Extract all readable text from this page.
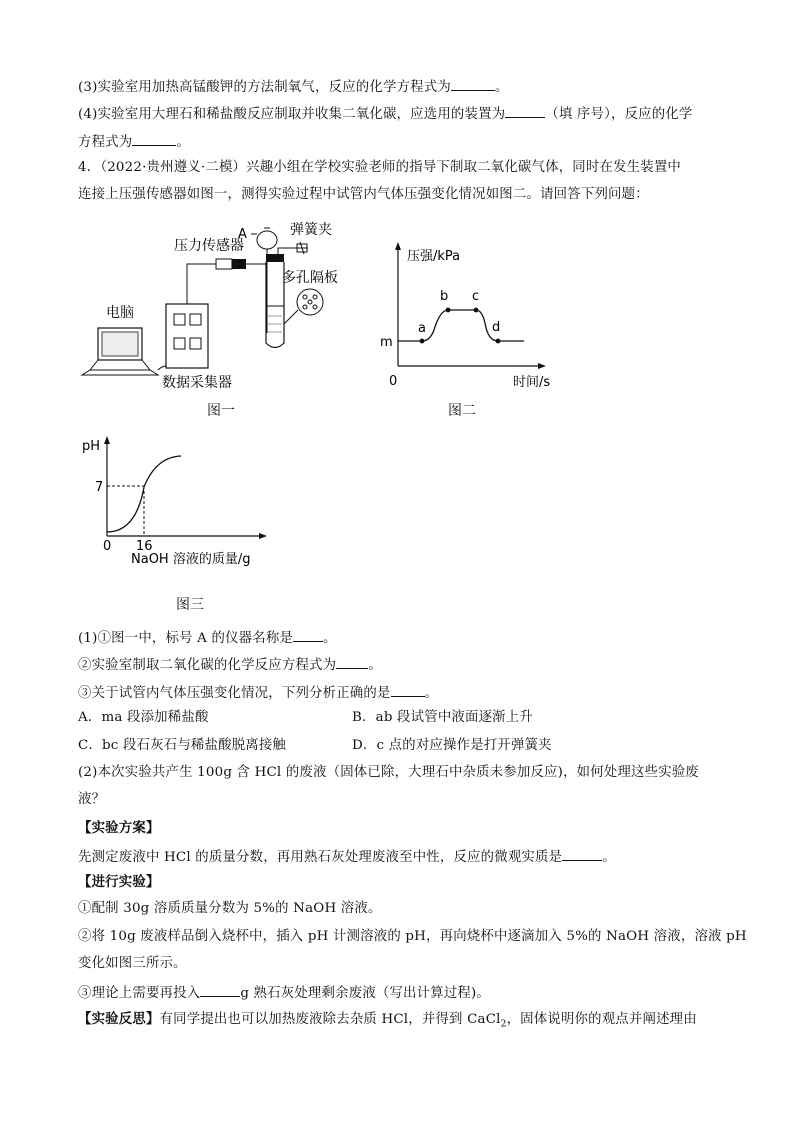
(3)实验室用加热高锰酸钾的方法制氧气，反应的化学方程式为	。
(4)实验室用大理石和稀盐酸反应制取并收集二氧化碳，应选用的装置为	（填 序号），反应的化学
方程式为	。
4．（2022·贵州遵义·二模）兴趣小组在学校实验老师的指导下制取二氧化碳气体，同时在发生装置中
连接上压强传感器如图一，测得实验过程中试管内气体压强变化情况如图二。请回答下列问题：
电脑
数据采集器
压力传感器
A	弹簧夹
多孔隔板
图一
压强/kPa
m
a
b c
d
0	时间/s
图二
pH
7
0 16
NaOH 溶液的质量/g
图三
(1)①图一中，标号 A 的仪器名称是 。
②实验室制取二氧化碳的化学反应方程式为 。
③关于试管内气体压强变化情况，下列分析正确的是	。
A．ma 段添加稀盐酸	B．ab 段试管中液面逐渐上升
C．bc 段石灰石与稀盐酸脱离接触	D．c 点的对应操作是打开弹簧夹
(2)本次实验共产生 100g 含 HCl 的废液（固体已除，大理石中杂质未参加反应)，如何处理这些实验废
液？
【实验方案】
先测定废液中 HCl 的质量分数，再用熟石灰处理废液至中性，反应的微观实质是	。
【进行实验】
①配制 30g 溶质质量分数为 5%的 NaOH 溶液。
②将 10g 废液样品倒入烧杯中，插入 pH 计测溶液的 pH，再向烧杯中逐滴加入 5%的 NaOH 溶液，溶液 pH
变化如图三所示。
③理论上需要再投入	g 熟石灰处理剩余废液（写出计算过程)。
【实验反思】有同学提出也可以加热废液除去杂质 HCl，并得到 CaCl$_2$，固体说明你的观点并阐述理由
